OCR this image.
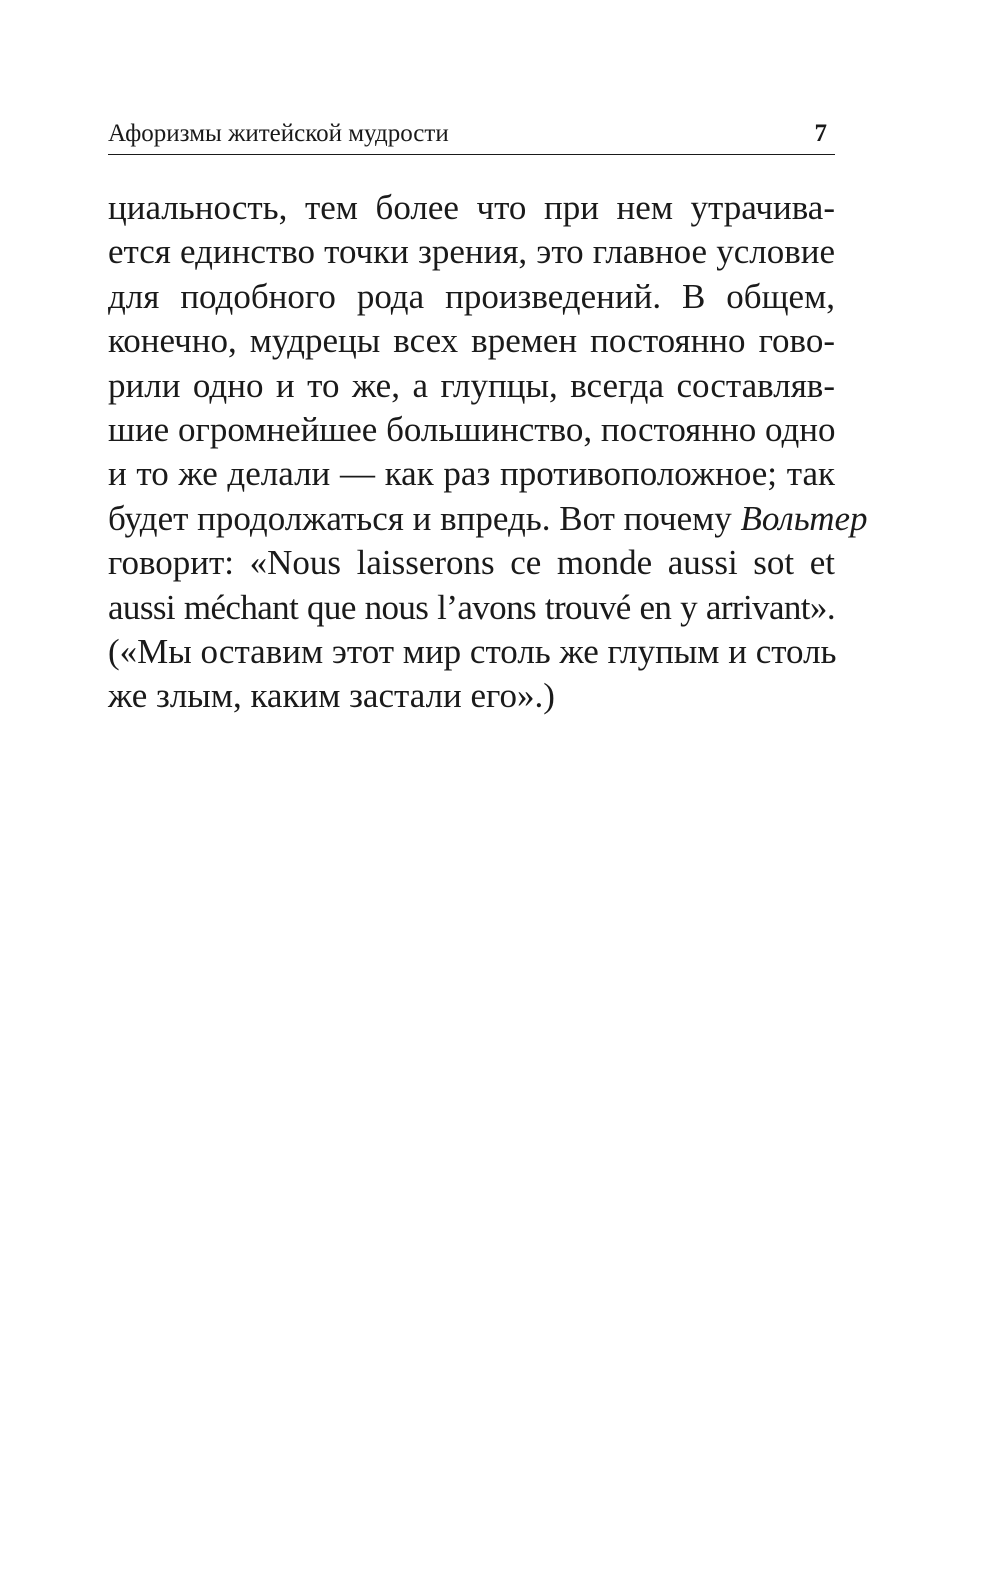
Афоризмы житейской мудрости	7
циальность, тем более что при нем утрачива-
ется единство точки зрения, это главное условие
для подобного рода произведений. В общем,
конечно, мудрецы всех времен постоянно гово-
рили одно и то же, а глупцы, всегда составляв-
шие огромнейшее большинство, постоянно одно
и то же делали — как раз противоположное; так
будет продолжаться и впредь. Вот почему Вольтер
говорит: «Nous laisserons ce monde aussi sot et
aussi méchant que nous l’avons trouvé en y arrivant».
(«Мы оставим этот мир столь же глупым и столь
же злым, каким застали его».)
